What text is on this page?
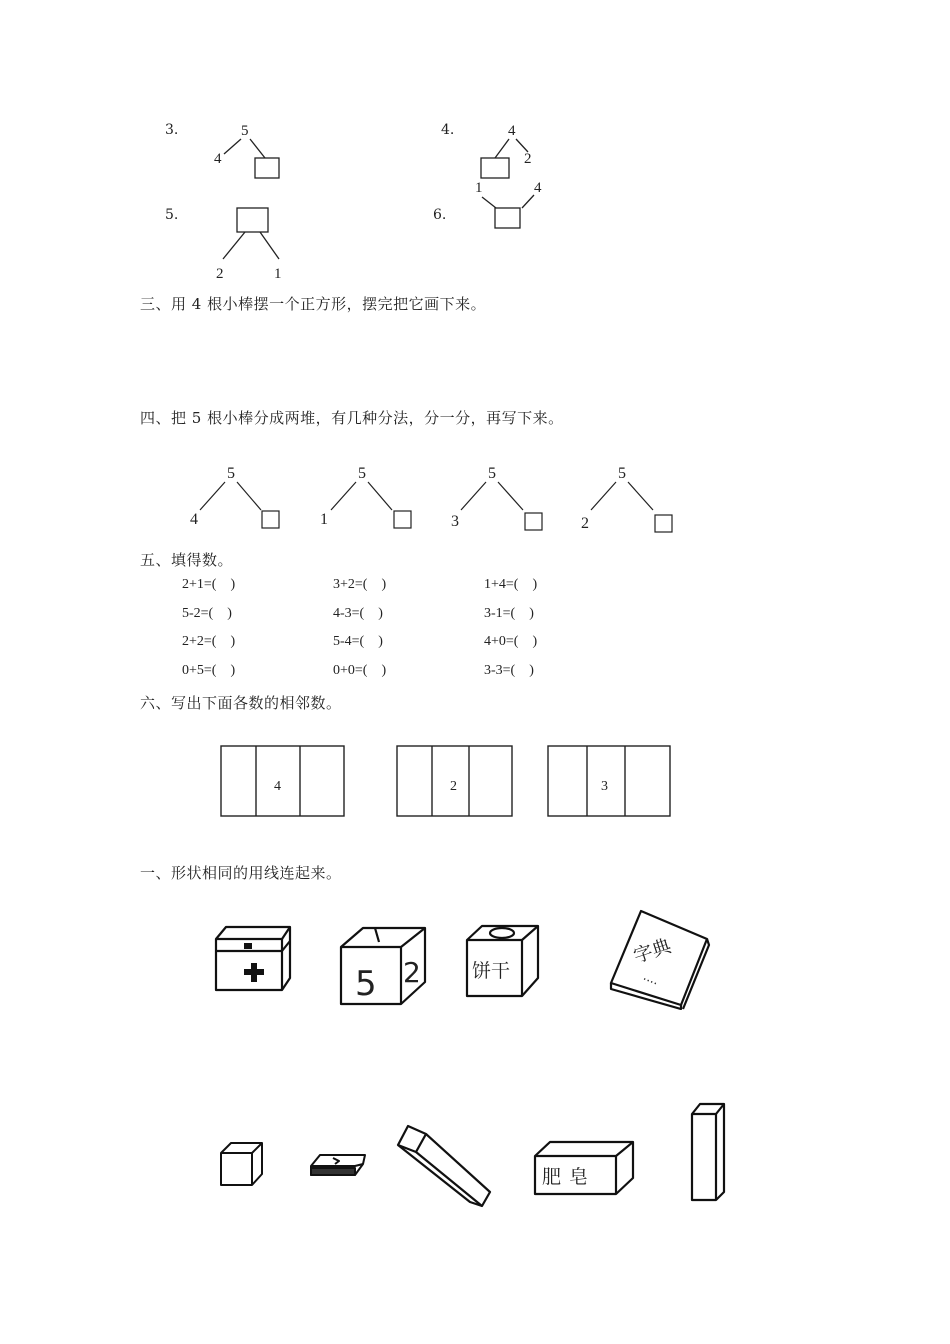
3.	5
4
4.	4
2
5.
2	1
6.
1	4
三、用 4 根小棒摆一个正方形，摆完把它画下来。
四、把 5 根小棒分成两堆，有几种分法，分一分，再写下来。
5
4
5
1
5
3
5
2
五、填得数。
2+1=(    )	3+2=(    )	1+4=(    )
5-2=(    )	4-3=(    )	3-1=(    )
2+2=(    )	5-4=(    )	4+0=(    )
0+5=(    )	0+0=(    )	3-3=(    )
六、写出下面各数的相邻数。
4	2	3
一、形状相同的用线连起来。
5 2	饼干
字典
....
肥皂
